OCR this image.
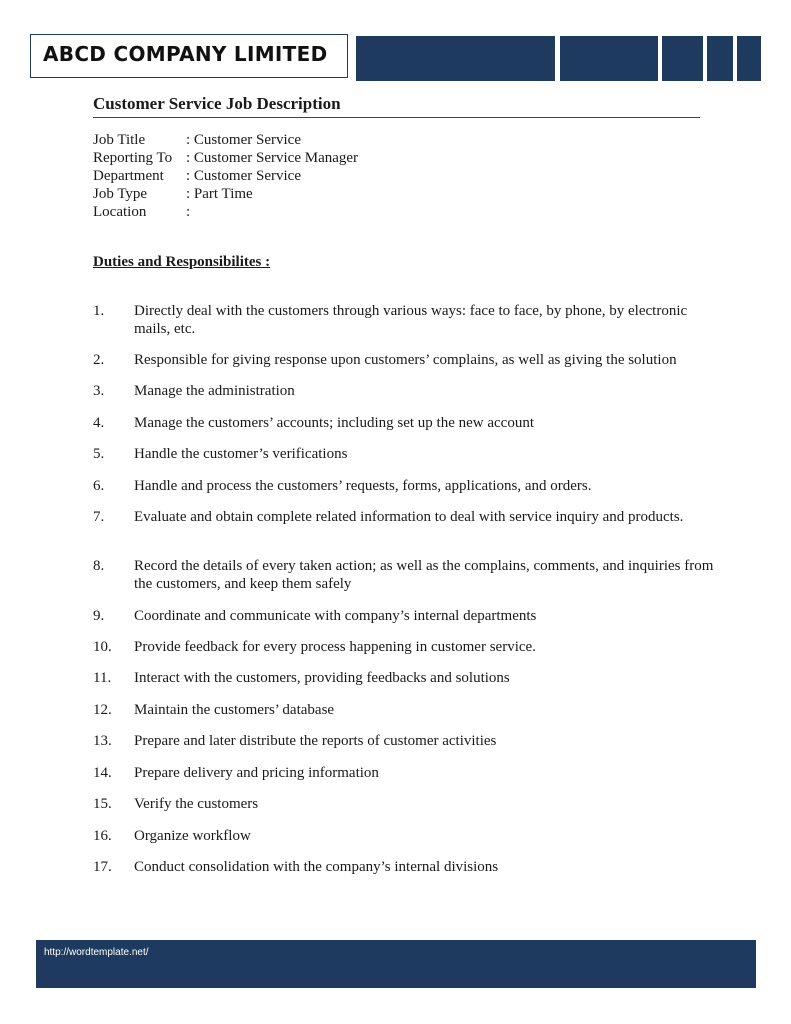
ABCD COMPANY LIMITED
Customer Service Job Description
Job Title	: Customer Service
Reporting To : Customer Service Manager
Department	: Customer Service
Job Type	: Part Time
Location	:
Duties and Responsibilites :
1. Directly deal with the customers through various ways: face to face, by phone, by electronic mails, etc.
2. Responsible for giving response upon customers’ complains, as well as giving the solution
3. Manage the administration
4. Manage the customers’ accounts; including set up the new account
5. Handle the customer’s verifications
6. Handle and process the customers’ requests, forms, applications, and orders.
7. Evaluate and obtain complete related information to deal with service inquiry and products.
8. Record the details of every taken action; as well as the complains, comments, and inquiries from the customers, and keep them safely
9. Coordinate and communicate with company’s internal departments
10. Provide feedback for every process happening in customer service.
11. Interact with the customers, providing feedbacks and solutions
12. Maintain the customers’ database
13. Prepare and later distribute the reports of customer activities
14. Prepare delivery and pricing information
15. Verify the customers
16. Organize workflow
17. Conduct consolidation with the company’s internal divisions
http://wordtemplate.net/
